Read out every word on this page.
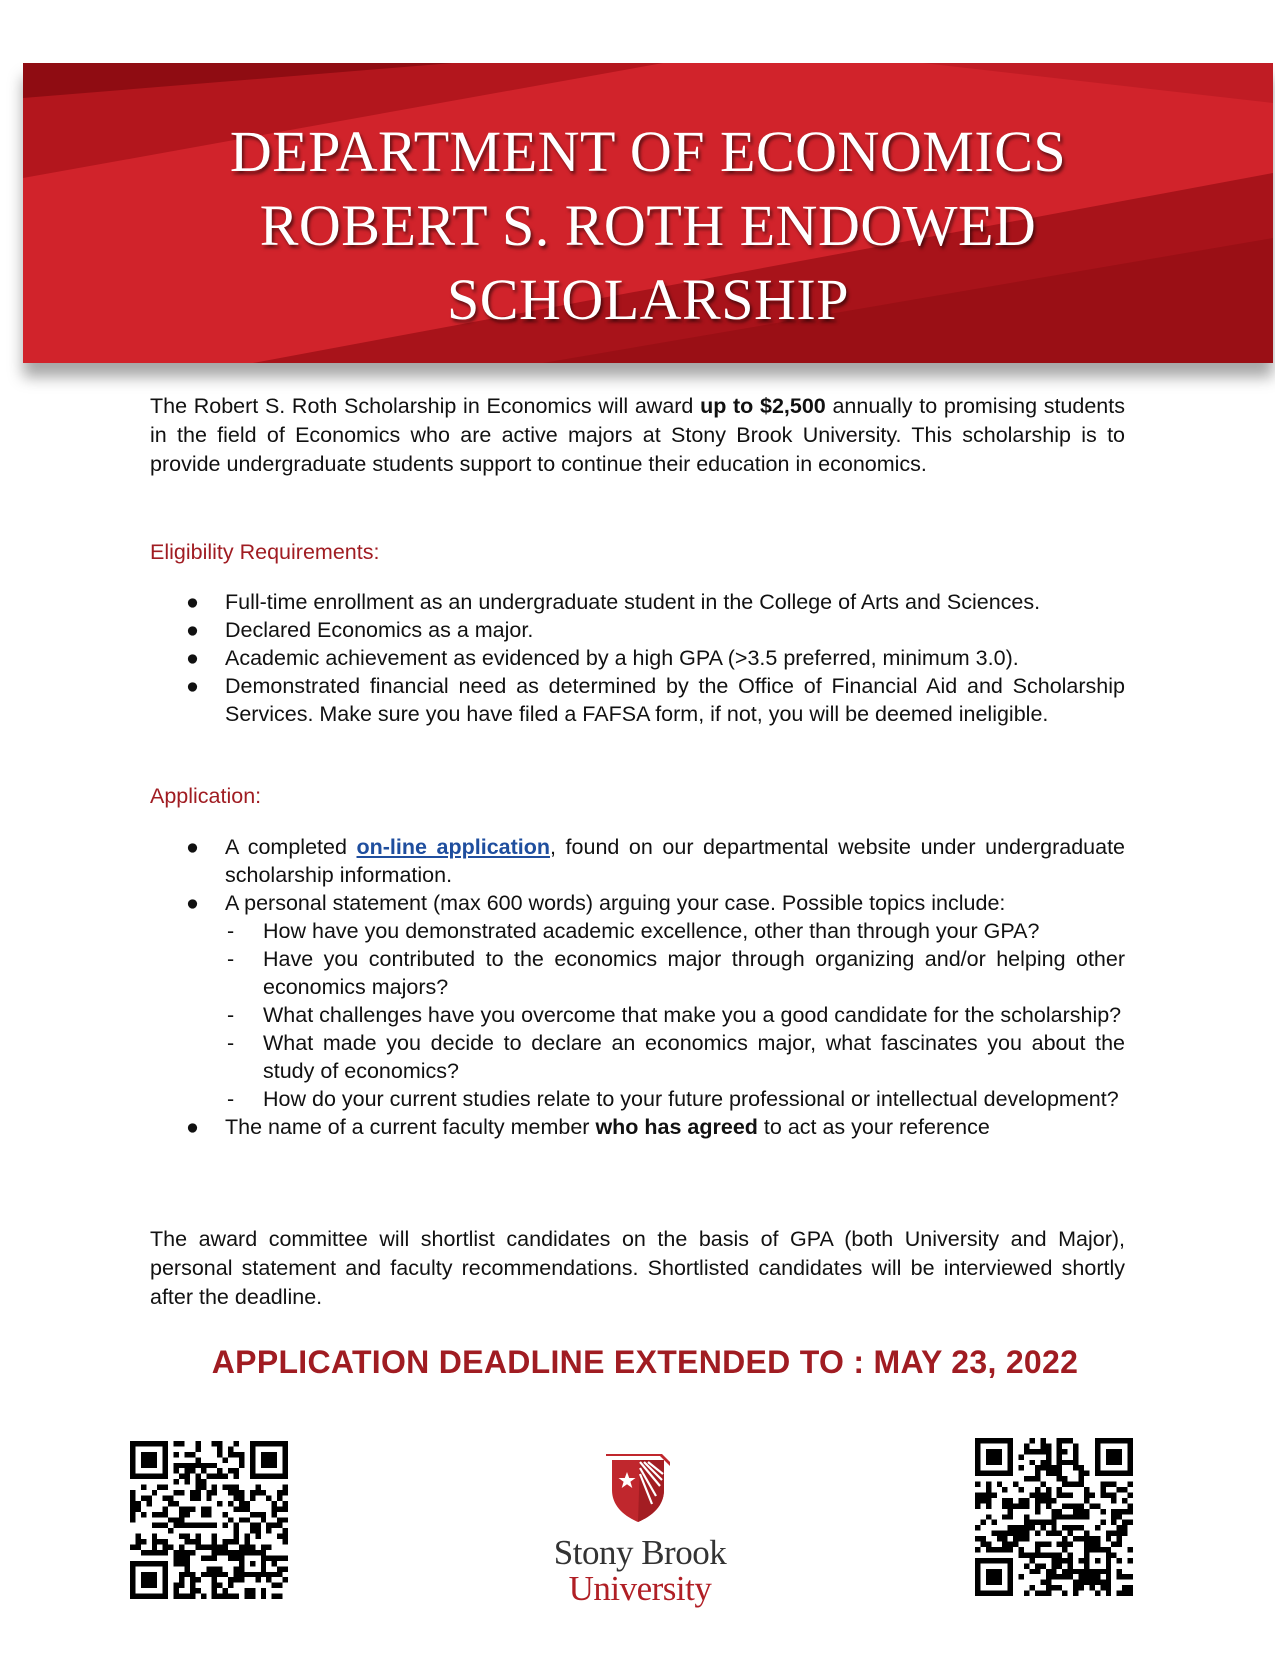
DEPARTMENT OF ECONOMICS
ROBERT S. ROTH ENDOWED
SCHOLARSHIP
The Robert S. Roth Scholarship in Economics will award up to $2,500 annually to promising students in the field of Economics who are active majors at Stony Brook University. This scholarship is to provide undergraduate students support to continue their education in economics.
Eligibility Requirements:
● Full-time enrollment as an undergraduate student in the College of Arts and Sciences.
● Declared Economics as a major.
● Academic achievement as evidenced by a high GPA (>3.5 preferred, minimum 3.0).
● Demonstrated financial need as determined by the Office of Financial Aid and Scholarship Services. Make sure you have filed a FAFSA form, if not, you will be deemed ineligible.
Application:
● A completed on-line application, found on our departmental website under undergraduate scholarship information.
● A personal statement (max 600 words) arguing your case. Possible topics include:
- How have you demonstrated academic excellence, other than through your GPA?
- Have you contributed to the economics major through organizing and/or helping other economics majors?
- What challenges have you overcome that make you a good candidate for the scholarship?
- What made you decide to declare an economics major, what fascinates you about the study of economics?
- How do your current studies relate to your future professional or intellectual development?
● The name of a current faculty member who has agreed to act as your reference
The award committee will shortlist candidates on the basis of GPA (both University and Major), personal statement and faculty recommendations. Shortlisted candidates will be interviewed shortly after the deadline.
APPLICATION DEADLINE EXTENDED TO : MAY 23, 2022
Stony Brook
University
